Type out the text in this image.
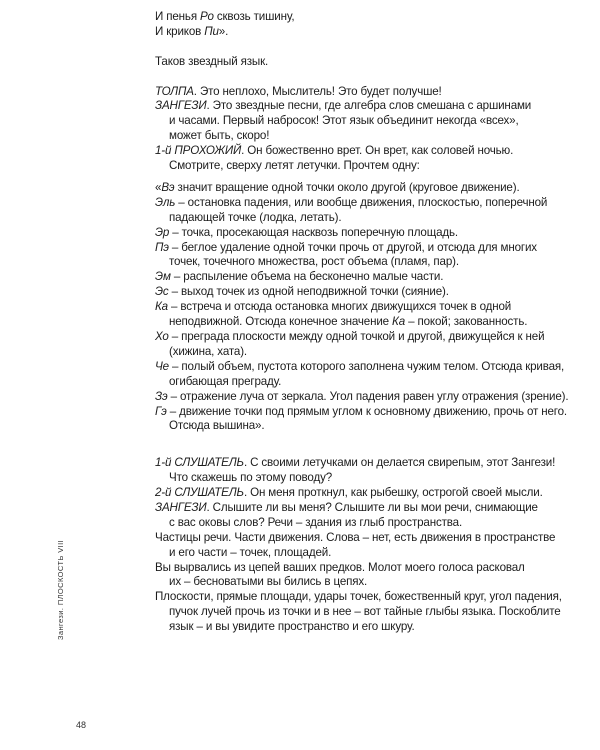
И пенья Ро сквозь тишину,

И криков Пи».

Таков звездный язык.

ТОЛПА. Это неплохо, Мыслитель! Это будет получше!

ЗАНГЕЗИ. Это звездные песни, где алгебра слов смешана с аршинами

и часами. Первый набросок! Этот язык объединит некогда «всех»,

может быть, скоро!

1-й ПРОХОЖИЙ. Он божественно врет. Он врет, как соловей ночью.

Смотрите, сверху летят летучки. Прочтем одну:

«Вэ значит вращение одной точки около другой (круговое движение).

Эль – остановка падения, или вообще движения, плоскостью, поперечной

падающей точке (лодка, летать).

Эр – точка, просекающая насквозь поперечную площадь.

Пэ – беглое удаление одной точки прочь от другой, и отсюда для многих

точек, точечного множества, рост объема (пламя, пар).

Эм – распыление объема на бесконечно малые части.

Эс – выход точек из одной неподвижной точки (сияние).

Ка – встреча и отсюда остановка многих движущихся точек в одной

неподвижной. Отсюда конечное значение Ка – покой; закованность.

Хо – преграда плоскости между одной точкой и другой, движущейся к ней

(хижина, хата).

Че – полый объем, пустота которого заполнена чужим телом. Отсюда кривая,

огибающая преграду.

Зэ – отражение луча от зеркала. Угол падения равен углу отражения (зрение).

Гэ – движение точки под прямым углом к основному движению, прочь от него.

Отсюда вышина».

1-й СЛУШАТЕЛЬ. С своими летучками он делается свирепым, этот Зангези!

Что скажешь по этому поводу?

2-й СЛУШАТЕЛЬ. Он меня проткнул, как рыбешку, острогой своей мысли.

ЗАНГЕЗИ. Слышите ли вы меня? Слышите ли вы мои речи, снимающие

с вас оковы слов? Речи – здания из глыб пространства.

Частицы речи. Части движения. Слова – нет, есть движения в пространстве

и его части – точек, площадей.

Вы вырвались из цепей ваших предков. Молот моего голоса расковал

их – бесноватыми вы бились в цепях.

Плоскости, прямые площади, удары точек, божественный круг, угол падения,

пучок лучей прочь из точки и в нее – вот тайные глыбы языка. Поскоблите

язык – и вы увидите пространство и его шкуру.

Зангези. ПЛОСКОСТЬ VIII
48
